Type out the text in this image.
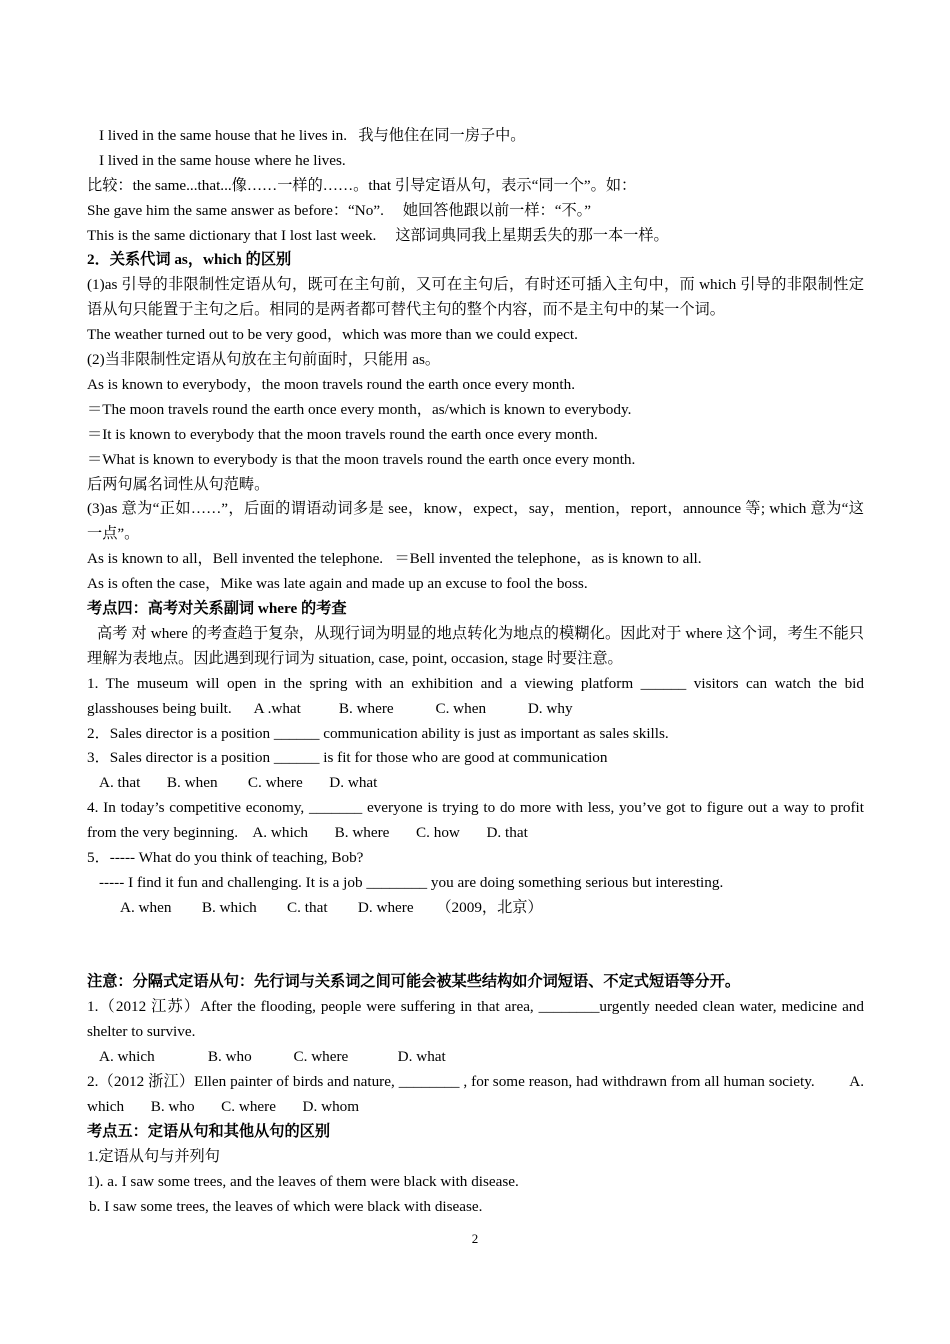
I lived in the same house that he lives in.   我与他住在同一房子中。
I lived in the same house where he lives.
比较：the same...that...像……一样的……。that 引导定语从句，表示“同一个”。如：
She gave him the same answer as before：“No”.     她回答他跟以前一样：“不。”
This is the same dictionary that I lost last week.     这部词典同我上星期丢失的那一本一样。
2．关系代词 as，which 的区别
(1)as 引导的非限制性定语从句，既可在主句前，又可在主句后，有时还可插入主句中，而 which 引导的非限制性定语从句只能置于主句之后。相同的是两者都可替代主句的整个内容，而不是主句中的某一个词。
The weather turned out to be very good，which was more than we could expect.
(2)当非限制性定语从句放在主句前面时，只能用 as。
As is known to everybody，the moon travels round the earth once every month.
＝The moon travels round the earth once every month，as/which is known to everybody.
＝It is known to everybody that the moon travels round the earth once every month.
＝What is known to everybody is that the moon travels round the earth once every month.
后两句属名词性从句范畴。
(3)as 意为“正如……”，后面的谓语动词多是 see，know，expect，say，mention，report，announce 等; which 意为“这一点”。
As is known to all，Bell invented the telephone.   ＝Bell invented the telephone，as is known to all.
As is often the case，Mike was late again and made up an excuse to fool the boss.
考点四：高考对关系副词 where 的考查
高考 对 where 的考查趋于复杂，从现行词为明显的地点转化为地点的模糊化。因此对于 where 这个词，考生不能只理解为表地点。因此遇到现行词为 situation, case, point, occasion, stage 时要注意。
1. The museum will open in the spring with an exhibition and a viewing platform ______ visitors can watch the bid glasshouses being built.      A .what          B. where           C. when           D. why
2．Sales director is a position ______ communication ability is just as important as sales skills.
3．Sales director is a position ______ is fit for those who are good at communication
A. that       B. when        C. where       D. what
4. In today’s competitive economy, _______ everyone is trying to do more with less, you’ve got to figure out a way to profit from the very beginning.    A. which       B. where       C. how       D. that
5．----- What do you think of teaching, Bob?
----- I find it fun and challenging. It is a job ________ you are doing something serious but interesting.
A. when        B. which        C. that        D. where      （2009，北京）
注意：分隔式定语从句：先行词与关系词之间可能会被某些结构如介词短语、不定式短语等分开。
1.（2012 江苏）After the flooding, people were suffering in that area, ________urgently needed clean water, medicine and shelter to survive.
A. which              B. who           C. where             D. what
2.（2012 浙江）Ellen painter of birds and nature, ________ , for some reason, had withdrawn from all human society.         A. which       B. who       C. where       D. whom
考点五：定语从句和其他从句的区别
1.定语从句与并列句
1). a. I saw some trees, and the leaves of them were black with disease.
b. I saw some trees, the leaves of which were black with disease.
2
